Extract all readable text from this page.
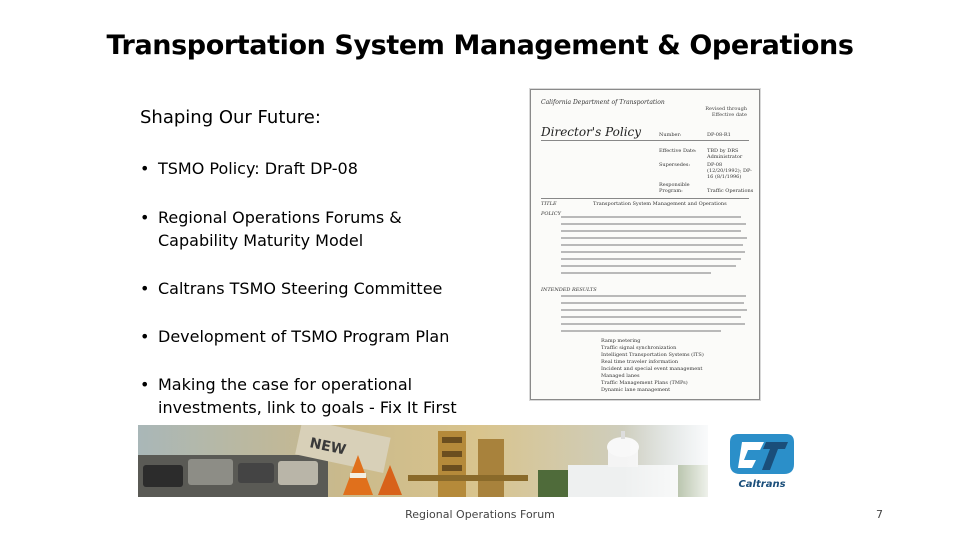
Transportation System Management & Operations
Shaping Our Future:
• TSMO Policy: Draft DP-08
• Regional Operations Forums & Capability Maturity Model
• Caltrans TSMO Steering Committee
• Development of TSMO Program Plan
• Making the case for operational investments, link to goals - Fix It First
California Department of Transportation
Revised through Effective date
Director's Policy	Number:	DP-08-R1
Effective Date: TBD by DRS Administrator
Supersedes:	DP-08 (12/20/1992); DP-16 (8/1/1996)
Responsible Program:	Traffic Operations
TITLE	Transportation System Management and Operations
POLICY
INTENDED RESULTS
Ramp metering
Traffic signal synchronization
Intelligent Transportation Systems (ITS)
Real time traveler information
Incident and special event management
Managed lanes
Traffic Management Plans (TMPs)
Dynamic lane management
Caltrans
Regional Operations Forum	7
